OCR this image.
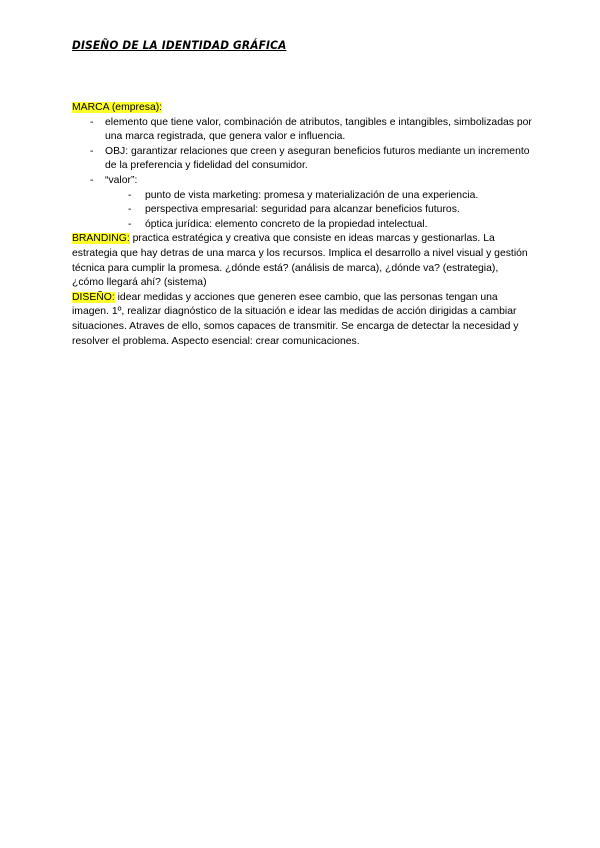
DISEÑO DE LA IDENTIDAD GRÁFICA

MARCA (empresa):

- elemento que tiene valor, combinación de atributos, tangibles e intangibles, simbolizadas por una marca registrada, que genera valor e influencia.
- OBJ: garantizar relaciones que creen y aseguran beneficios futuros mediante un incremento de la preferencia y fidelidad del consumidor.
- “valor”:
- punto de vista marketing: promesa y materialización de una experiencia.
- perspectiva empresarial: seguridad para alcanzar beneficios futuros.
- óptica jurídica: elemento concreto de la propiedad intelectual.

BRANDING: practica estratégica y creativa que consiste en ideas marcas y gestionarlas. La estrategia que hay detras de una marca y los recursos. Implica el desarrollo a nivel visual y gestión técnica para cumplir la promesa. ¿dónde está? (análisis de marca), ¿dónde va? (estrategia), ¿cómo llegará ahí? (sistema)

DISEÑO: idear medidas y acciones que generen esee cambio, que las personas tengan una imagen. 1º, realizar diagnóstico de la situación e idear las medidas de acción dirigidas a cambiar situaciones. Atraves de ello, somos capaces de transmitir. Se encarga de detectar la necesidad y resolver el problema. Aspecto esencial: crear comunicaciones.
